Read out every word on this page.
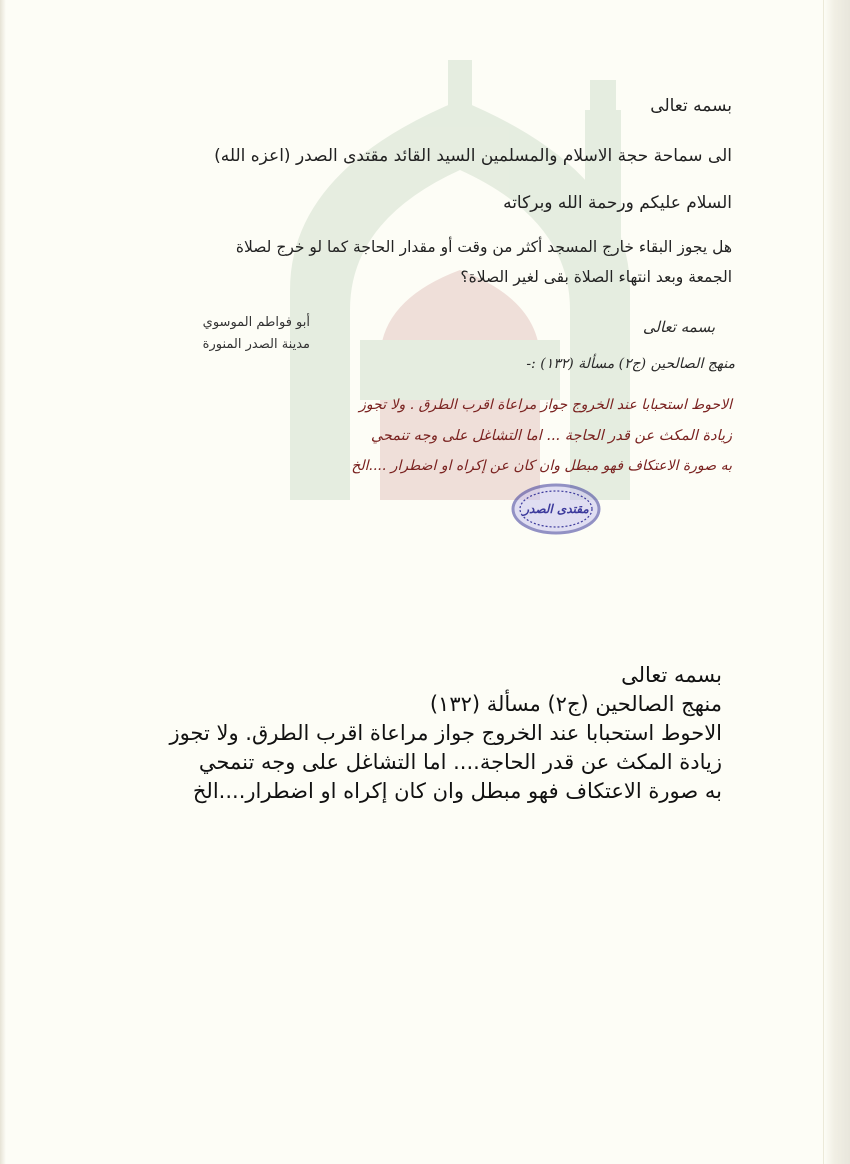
بسمه تعالى
الى سماحة حجة الاسلام والمسلمين السيد القائد مقتدى الصدر (اعزه الله)
السلام عليكم ورحمة الله وبركاته
هل يجوز البقاء خارج المسجد أكثر من وقت أو مقدار الحاجة كما لو خرج لصلاة
الجمعة وبعد انتهاء الصلاة بقى لغير الصلاة؟
أبو فواطم الموسوي
مدينة الصدر المنورة
بسمه تعالى
منهج الصالحين (ج٢) مسألة (١٣٢) :-
الاحوط استحبابا عند الخروج جواز مراعاة اقرب الطرق . ولا تجوز
زيادة المكث عن قدر الحاجة ... اما التشاغل على وجه تنمحي
به صورة الاعتكاف فهو مبطل وان كان عن إكراه او اضطرار ....الخ
مقتدى الصدر
بسمه تعالى
منهج الصالحين (ج٢) مسألة (١٣٢)
الاحوط استحبابا عند الخروج جواز مراعاة اقرب الطرق. ولا تجوز
زيادة المكث عن قدر الحاجة.... اما التشاغل على وجه تنمحي
به صورة الاعتكاف فهو مبطل وان كان إكراه او اضطرار....الخ
